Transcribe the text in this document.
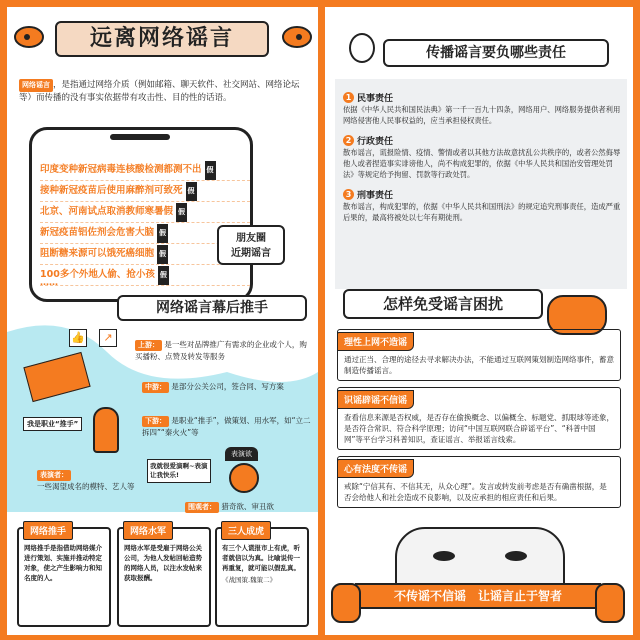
远离网络谣言
网络谣言 ，是指通过网络介质（例如邮箱、聊天软件、社交网站、网络论坛等）而传播的没有事实依据带有攻击性、目的性的话语。
印度变种新冠病毒连核酸检测都测不出 假
接种新冠疫苗后使用麻醉剂可致死 假
北京、河南试点取消教师寒暑假 假
新冠疫苗铝佐剂会危害大脑 假
阻断糖来源可以饿死癌细胞 假
100多个外地人偷、抢小孩 假
……
朋友圈
近期谣言
网络谣言幕后推手
👍	↗
上游： 是一些对品牌推广有需求的企业或个人，购买播粉、点赞及转发等服务
中游： 是部分公关公司，签合同、写方案
我是职业“推手”	下游： 是职业“推手”，做策划、用水军，如“立二拆四”“秦火火”等
我就很爱演啊~表演让我快乐!
表演欲
表演者：
一些渴望成名的模特、艺人等
围观者： 猎奇欲、审丑欲
网络推手
网络推手是指借助网络媒介进行策划、实施并推动特定对象，使之产生影响力和知名度的人。
网络水军
网络水军是受雇于网络公关公司，为他人发帖回帖造势的网络人员，以注水发帖来获取报酬。
三人成虎
有三个人谎报市上有虎，听者就信以为真。比喻说传一再重复，就可能以假乱真。
《战国策.魏策二》
传播谣言要负哪些责任
1 民事责任
依据《中华人民共和国民法典》第一千一百九十四条，网络用户、网络服务提供者利用网络侵害他人民事权益的，应当承担侵权责任。
2 行政责任
散布谣言，谎报险情、疫情、警情或者以其他方法故意扰乱公共秩序的，或者公然侮辱他人或者捏造事实诽谤他人，尚不构成犯罪的，依据《中华人民共和国治安管理处罚法》等规定给予拘留、罚款等行政处罚。
3 刑事责任
散布谣言，构成犯罪的，依据《中华人民共和国刑法》的规定追究刑事责任，造成严重后果的，最高将被处以七年有期徒刑。
怎样免受谣言困扰
理性上网不造谣
通过正当、合理的途径去寻求解决办法，不能通过互联网策划制造网络事件，蓄意制造传播谣言。
识谣辟谣不信谣
查看信息来源是否权威，是否存在偷换概念、以偏概全、标题党、抓眼球等迹象，是否符合常识、符合科学原理；访问“中国互联网联合辟谣平台”、“科普中国网”等平台学习科普知识，查证谣言、举报谣言线索。
心有法度不传谣
戒除“宁信其有、不信其无，从众心理”。发言或转发前考虑是否有确凿根据，是否会给他人和社会造成不良影响，以及应承担的相应责任和后果。
不传谣不信谣　让谣言止于智者
